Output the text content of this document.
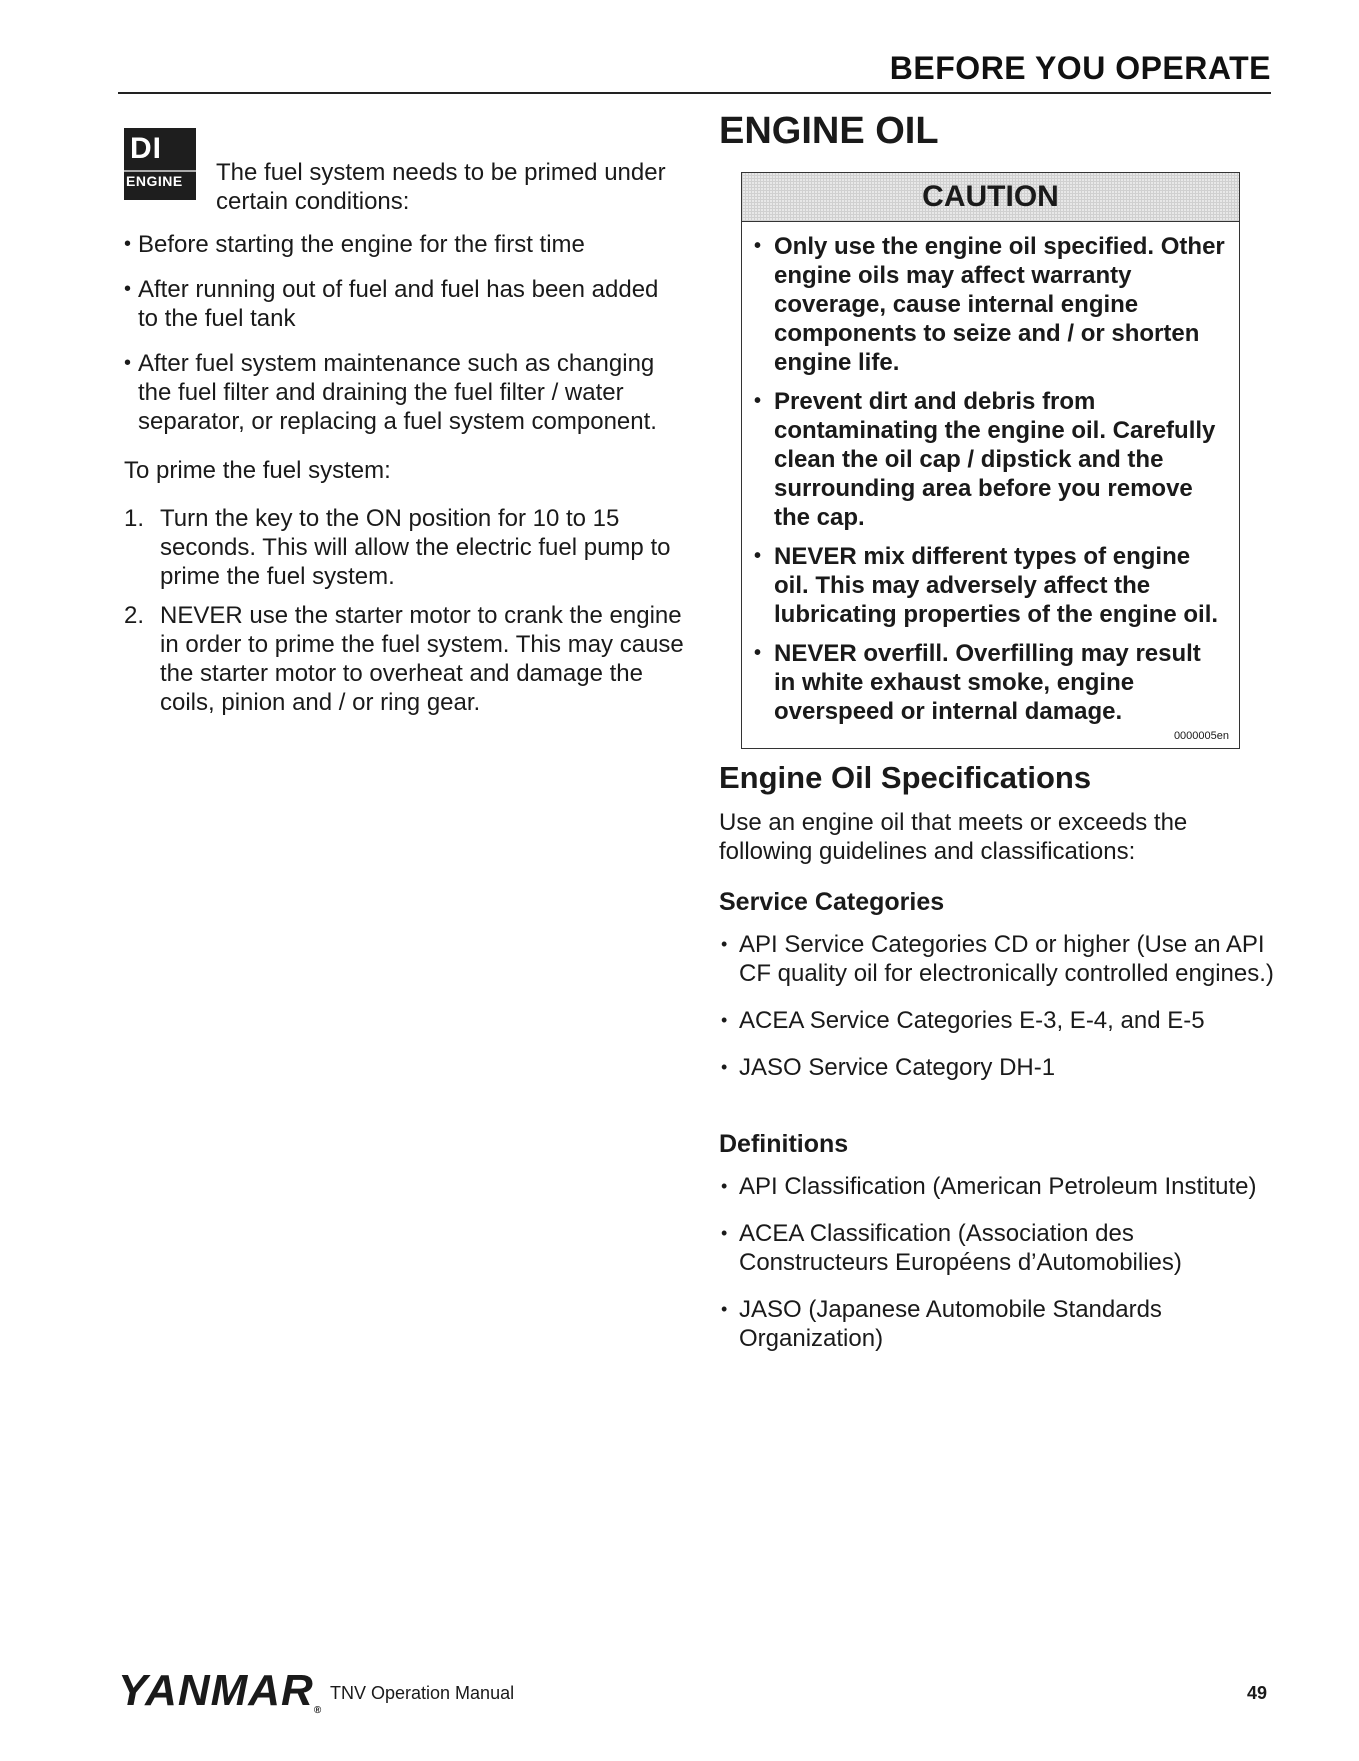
BEFORE YOU OPERATE
DI
ENGINE The fuel system needs to be primed under certain conditions:
• Before starting the engine for the first time
• After running out of fuel and fuel has been added to the fuel tank
• After fuel system maintenance such as changing the fuel filter and draining the fuel filter / water separator, or replacing a fuel system component.
To prime the fuel system:
1. Turn the key to the ON position for 10 to 15 seconds. This will allow the electric fuel pump to prime the fuel system.
2. NEVER use the starter motor to crank the engine in order to prime the fuel system. This may cause the starter motor to overheat and damage the coils, pinion and / or ring gear.
ENGINE OIL
CAUTION
• Only use the engine oil specified. Other engine oils may affect warranty coverage, cause internal engine components to seize and / or shorten engine life.
• Prevent dirt and debris from contaminating the engine oil. Carefully clean the oil cap / dipstick and the surrounding area before you remove the cap.
• NEVER mix different types of engine oil. This may adversely affect the lubricating properties of the engine oil.
• NEVER overfill. Overfilling may result in white exhaust smoke, engine overspeed or internal damage.
0000005en
Engine Oil Specifications
Use an engine oil that meets or exceeds the following guidelines and classifications:
Service Categories
• API Service Categories CD or higher (Use an API CF quality oil for electronically controlled engines.)
• ACEA Service Categories E-3, E-4, and E-5
• JASO Service Category DH-1
Definitions
• API Classification (American Petroleum Institute)
• ACEA Classification (Association des Constructeurs Européens d’Automobilies)
• JASO (Japanese Automobile Standards Organization)
YANMAR®
TNV Operation Manual	49
